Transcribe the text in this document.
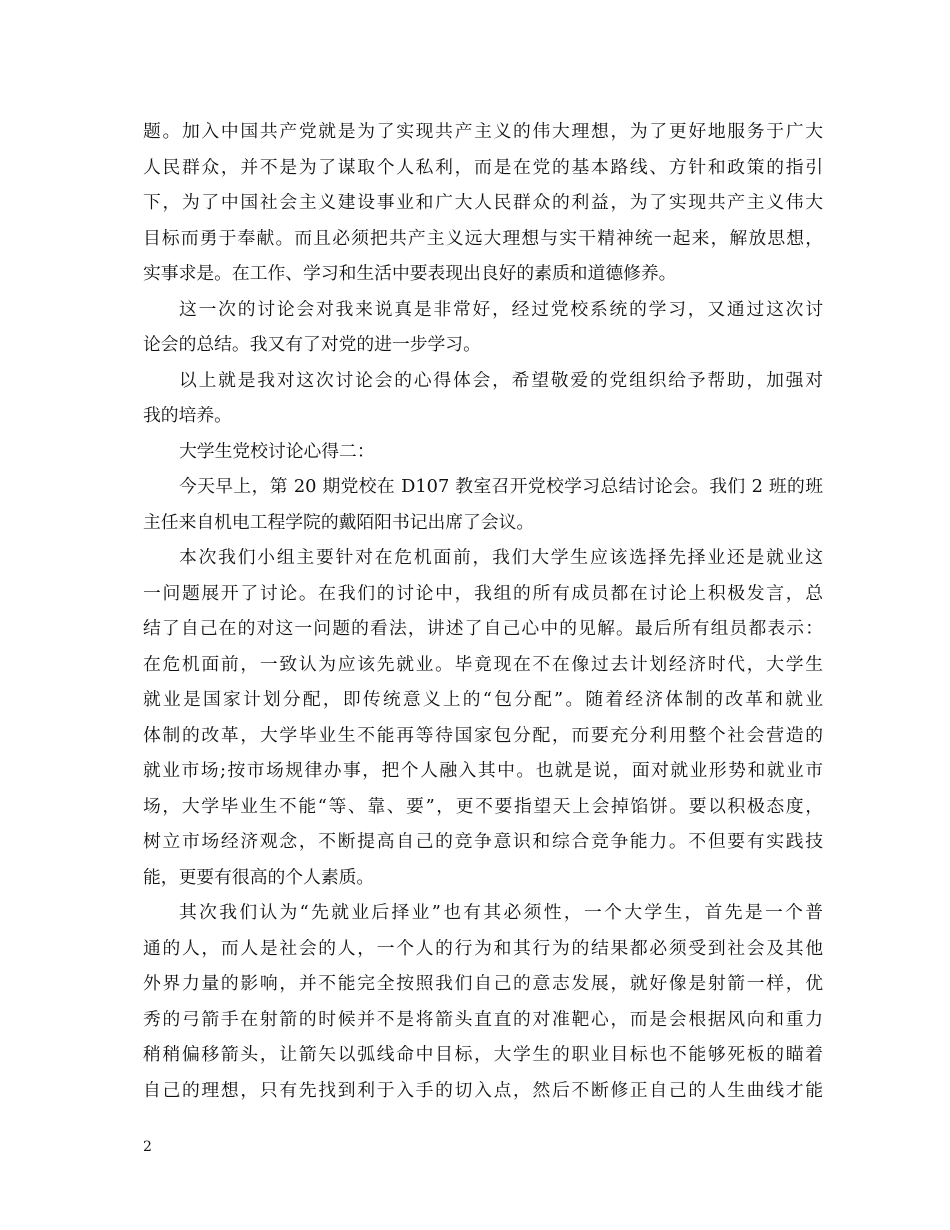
题。加入中国共产党就是为了实现共产主义的伟大理想，为了更好地服务于广大
人民群众，并不是为了谋取个人私利，而是在党的基本路线、方针和政策的指引
下，为了中国社会主义建设事业和广大人民群众的利益，为了实现共产主义伟大
目标而勇于奉献。而且必须把共产主义远大理想与实干精神统一起来，解放思想，
实事求是。在工作、学习和生活中要表现出良好的素质和道德修养。
这一次的讨论会对我来说真是非常好，经过党校系统的学习，又通过这次讨
论会的总结。我又有了对党的进一步学习。
以上就是我对这次讨论会的心得体会，希望敬爱的党组织给予帮助，加强对
我的培养。
大学生党校讨论心得二：
今天早上，第 20 期党校在 D107 教室召开党校学习总结讨论会。我们 2 班的班
主任来自机电工程学院的戴陌阳书记出席了会议。
本次我们小组主要针对在危机面前，我们大学生应该选择先择业还是就业这
一问题展开了讨论。在我们的讨论中，我组的所有成员都在讨论上积极发言，总
结了自己在的对这一问题的看法，讲述了自己心中的见解。最后所有组员都表示：
在危机面前，一致认为应该先就业。毕竟现在不在像过去计划经济时代，大学生
就业是国家计划分配，即传统意义上的“包分配”。随着经济体制的改革和就业
体制的改革，大学毕业生不能再等待国家包分配，而要充分利用整个社会营造的
就业市场;按市场规律办事，把个人融入其中。也就是说，面对就业形势和就业市
场，大学毕业生不能“等、靠、要”，更不要指望天上会掉馅饼。要以积极态度，
树立市场经济观念，不断提高自己的竞争意识和综合竞争能力。不但要有实践技
能，更要有很高的个人素质。
其次我们认为“先就业后择业”也有其必须性，一个大学生，首先是一个普
通的人，而人是社会的人，一个人的行为和其行为的结果都必须受到社会及其他
外界力量的影响，并不能完全按照我们自己的意志发展，就好像是射箭一样，优
秀的弓箭手在射箭的时候并不是将箭头直直的对准靶心，而是会根据风向和重力
稍稍偏移箭头，让箭矢以弧线命中目标，大学生的职业目标也不能够死板的瞄着
自己的理想，只有先找到利于入手的切入点，然后不断修正自己的人生曲线才能
2
